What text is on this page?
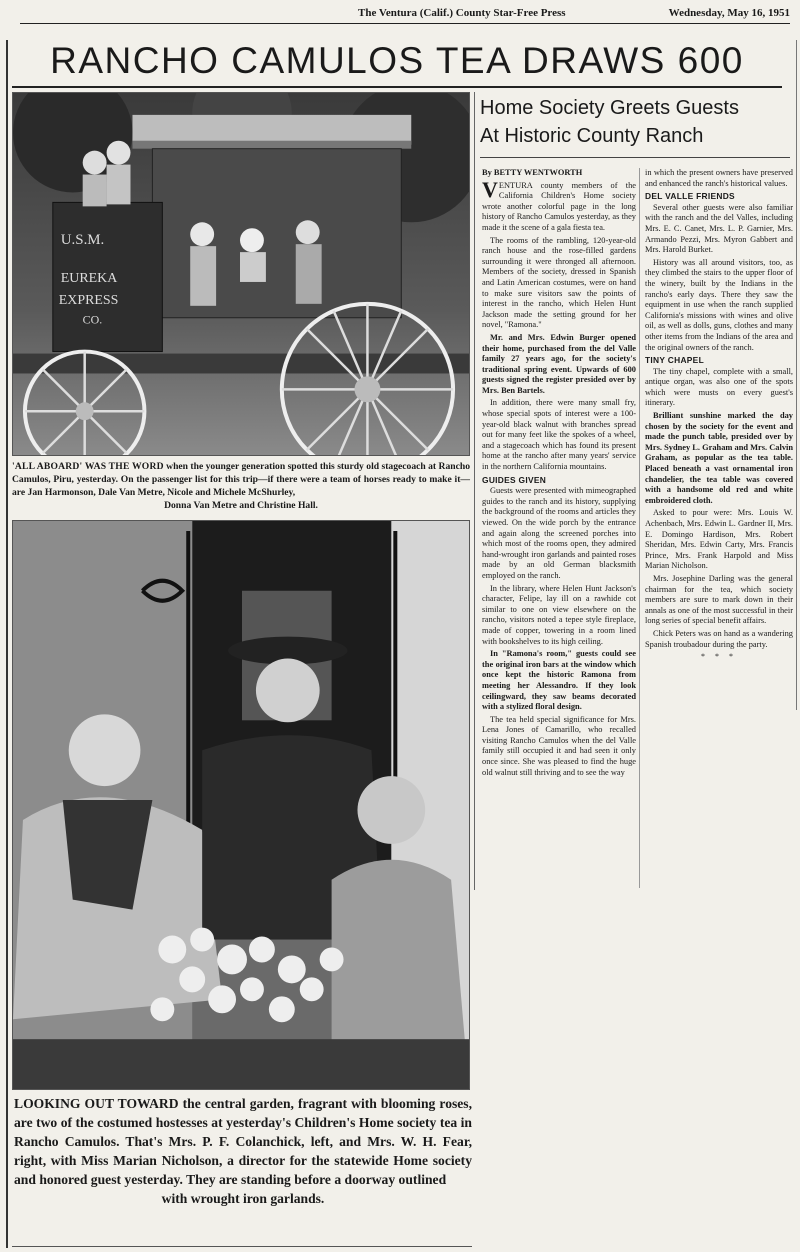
The Ventura (Calif.) County Star-Free Press	Wednesday, May 16, 1951
RANCHO CAMULOS TEA DRAWS 600
U.S.M.
EUREKA
EXPRESS
CO.
'ALL ABOARD' WAS THE WORD when the younger generation spotted this sturdy old stagecoach at Rancho Camulos, Piru, yesterday. On the passenger list for this trip—if there were a team of horses ready to make it—are Jan Harmonson, Dale Van Metre, Nicole and Michele McShurley,
Donna Van Metre and Christine Hall.
LOOKING OUT TOWARD the central garden, fragrant with blooming roses, are two of the costumed hostesses at yesterday's Children's Home society tea in Rancho Camulos. That's Mrs. P. F. Colanchick, left, and Mrs. W. H. Fear, right, with Miss Marian Nicholson, a director for the statewide Home society and honored guest yesterday. They are standing before a doorway outlined
with wrought iron garlands.
Home Society Greets Guests
At Historic County Ranch

By BETTY WENTWORTH

VENTURA county members of the California Children's Home society wrote another colorful page in the long history of Rancho Camulos yesterday, as they made it the scene of a gala fiesta tea.

The rooms of the rambling, 120-year-old ranch house and the rose-filled gardens surrounding it were thronged all afternoon. Members of the society, dressed in Spanish and Latin American costumes, were on hand to make sure visitors saw the points of interest in the rancho, which Helen Hunt Jackson made the setting ground for her novel, "Ramona."

Mr. and Mrs. Edwin Burger opened their home, purchased from the del Valle family 27 years ago, for the society's traditional spring event. Upwards of 600 guests signed the register presided over by Mrs. Ben Bartels.

In addition, there were many small fry, whose special spots of interest were a 100-year-old black walnut with branches spread out for many feet like the spokes of a wheel, and a stagecoach which has found its present home at the rancho after many years' service in the northern California mountains.

GUIDES GIVEN

Guests were presented with mimeographed guides to the ranch and its history, supplying the background of the rooms and articles they viewed. On the wide porch by the entrance and again along the screened porches into which most of the rooms open, they admired hand-wrought iron garlands and painted roses made by an old German blacksmith employed on the ranch.

In the library, where Helen Hunt Jackson's character, Felipe, lay ill on a rawhide cot similar to one on view elsewhere on the rancho, visitors noted a tepee style fireplace, made of copper, towering in a room lined with bookshelves to its high ceiling.

In "Ramona's room," guests could see the original iron bars at the window which once kept the historic Ramona from meeting her Alessandro. If they look ceilingward, they saw beams decorated with a stylized floral design.

The tea held special significance for Mrs. Lena Jones of Camarillo, who recalled visiting Rancho Camulos when the del Valle family still occupied it and had seen it only once since. She was pleased to find the huge old walnut still thriving and to see the way

in which the present owners have preserved and enhanced the ranch's historical values.

DEL VALLE FRIENDS

Several other guests were also familiar with the ranch and the del Valles, including Mrs. E. C. Canet, Mrs. L. P. Garnier, Mrs. Armando Pezzi, Mrs. Myron Gabbert and Mrs. Harold Burket.

History was all around visitors, too, as they climbed the stairs to the upper floor of the winery, built by the Indians in the rancho's early days. There they saw the equipment in use when the ranch supplied California's missions with wines and olive oil, as well as dolls, guns, clothes and many other items from the Indians of the area and the original owners of the ranch.

TINY CHAPEL

The tiny chapel, complete with a small, antique organ, was also one of the spots which were musts on every guest's itinerary.

Brilliant sunshine marked the day chosen by the society for the event and made the punch table, presided over by Mrs. Sydney L. Graham and Mrs. Calvin Graham, as popular as the tea table. Placed beneath a vast ornamental iron chandelier, the tea table was covered with a handsome old red and white embroidered cloth.

Asked to pour were: Mrs. Louis W. Achenbach, Mrs. Edwin L. Gardner II, Mrs. E. Domingo Hardison, Mrs. Robert Sheridan, Mrs. Edwin Carty, Mrs. Francis Prince, Mrs. Frank Harpold and Miss Marian Nicholson.

Mrs. Josephine Darling was the general chairman for the tea, which society members are sure to mark down in their annals as one of the most successful in their long series of special benefit affairs.

Chick Peters was on hand as a wandering Spanish troubadour during the party.

* * *
